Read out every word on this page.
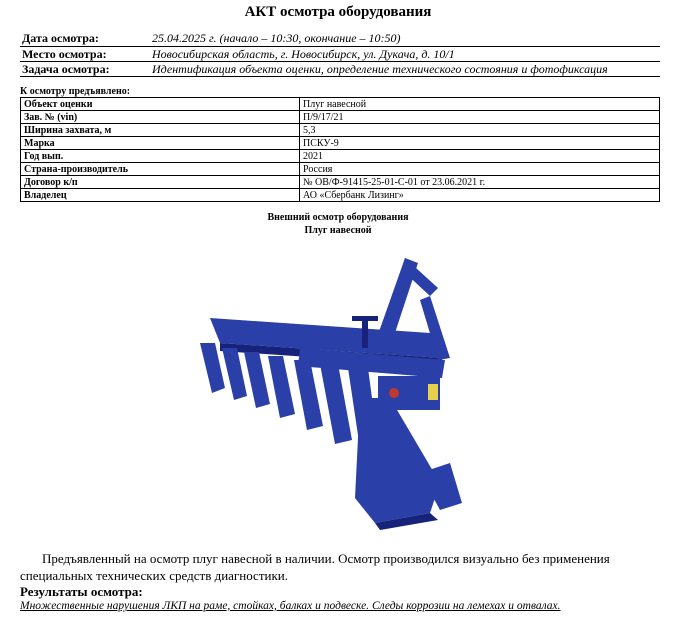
АКТ осмотра оборудования
Дата осмотра:	25.04.2025 г. (начало – 10:30, окончание – 10:50)
Место осмотра:	Новосибирская область, г. Новосибирск, ул. Дукача, д. 10/1
Задача осмотра:	Идентификация объекта оценки, определение технического состояния и фотофиксация
К осмотру предъявлено:
Объект оценки	Плуг навесной
Зав. № (vin)	П/9/17/21
Ширина захвата, м	5,3
Марка	ПСКУ-9
Год вып.	2021
Страна-производитель	Россия
Договор к/п	№ OB/Ф-91415-25-01-С-01 от 23.06.2021 г.
Владелец	АО «Сбербанк Лизинг»
Внешний осмотр оборудования
Плуг навесной
ПСКУ-9
Предъявленный на осмотр плуг навесной в наличии. Осмотр производился визуально без применения специальных технических средств диагностики.
Результаты осмотра:
Множественные нарушения ЛКП на раме, стойках, балках и подвеске. Следы коррозии на лемехах и отвалах.
